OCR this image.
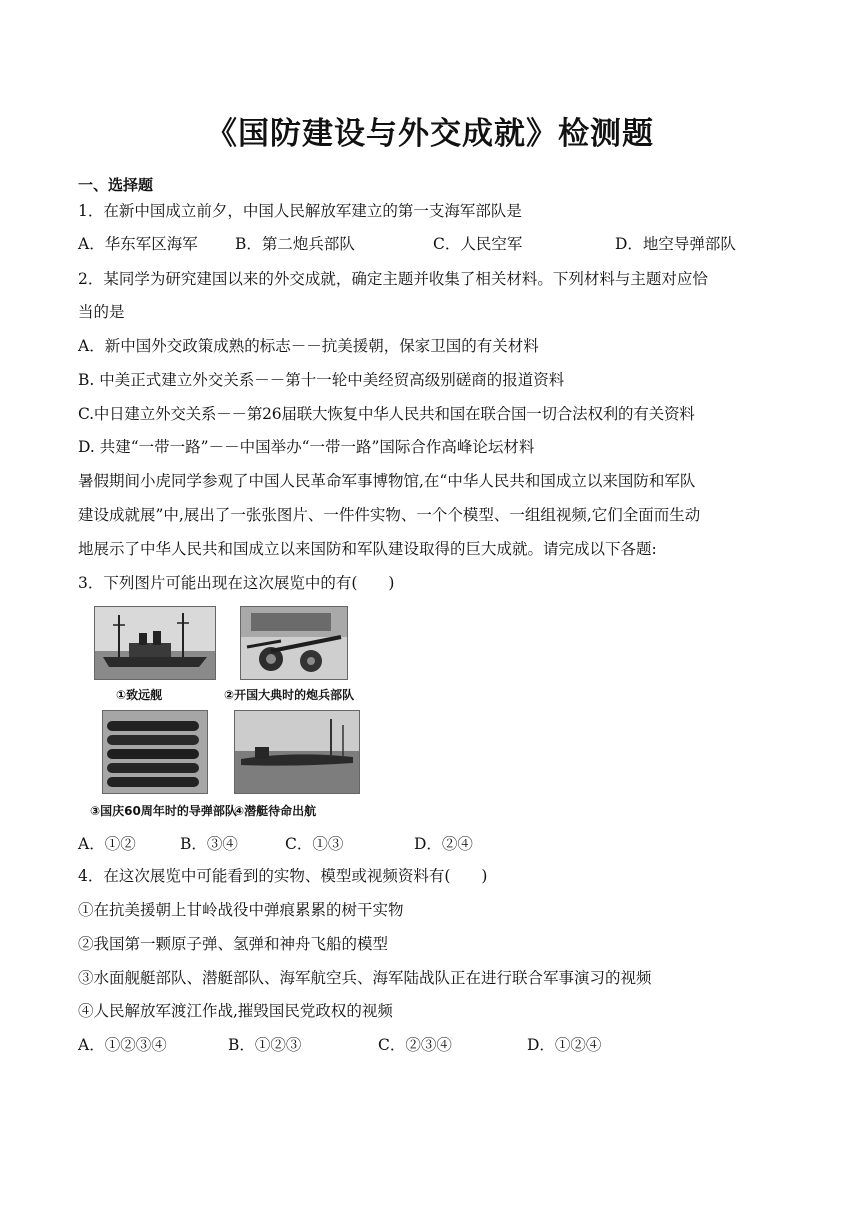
《国防建设与外交成就》检测题
一、选择题
1．在新中国成立前夕，中国人民解放军建立的第一支海军部队是
A．华东军区海军 B．第二炮兵部队	C．人民空军	D．地空导弹部队
2．某同学为研究建国以来的外交成就，确定主题并收集了相关材料。下列材料与主题对应恰
当的是
A．新中国外交政策成熟的标志－－抗美援朝，保家卫国的有关材料
B. 中美正式建立外交关系－－第十一轮中美经贸高级别磋商的报道资料
C.中日建立外交关系－－第26届联大恢复中华人民共和国在联合国一切合法权利的有关资料
D. 共建“一带一路”－－中国举办“一带一路”国际合作高峰论坛材料
暑假期间小虎同学参观了中国人民革命军事博物馆,在“中华人民共和国成立以来国防和军队
建设成就展”中,展出了一张张图片、一件件实物、一个个模型、一组组视频,它们全面而生动
地展示了中华人民共和国成立以来国防和军队建设取得的巨大成就。请完成以下各题:
3．下列图片可能出现在这次展览中的有(　　)
①致远舰	②开国大典时的炮兵部队
③国庆60周年时的导弹部队
④潜艇待命出航
A．①②	B．③④	C．①③	D．②④
4．在这次展览中可能看到的实物、模型或视频资料有(　　)
①在抗美援朝上甘岭战役中弹痕累累的树干实物
②我国第一颗原子弹、氢弹和神舟飞船的模型
③水面舰艇部队、潜艇部队、海军航空兵、海军陆战队正在进行联合军事演习的视频
④人民解放军渡江作战,摧毁国民党政权的视频
A．①②③④	B．①②③	C．②③④	D．①②④
